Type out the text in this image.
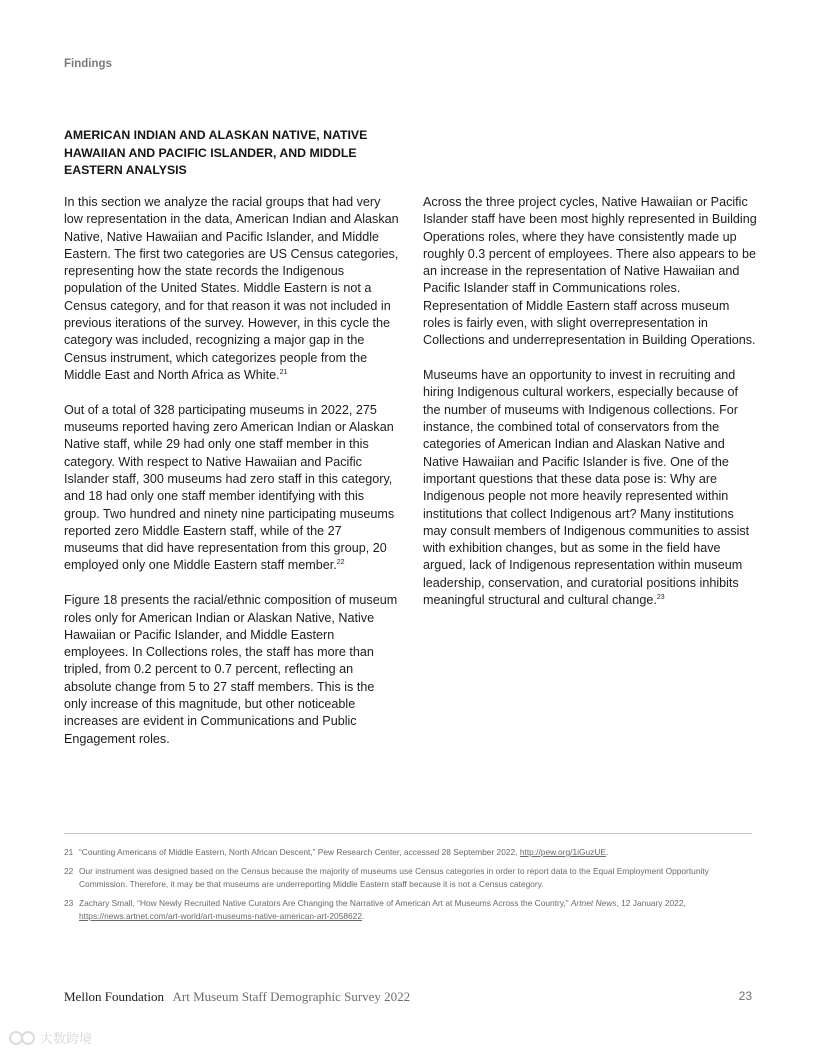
Findings
AMERICAN INDIAN AND ALASKAN NATIVE, NATIVE HAWAIIAN AND PACIFIC ISLANDER, AND MIDDLE EASTERN ANALYSIS

In this section we analyze the racial groups that had very low representation in the data, American Indian and Alaskan Native, Native Hawaiian and Pacific Islander, and Middle Eastern. The first two categories are US Census categories, representing how the state records the Indigenous population of the United States. Middle Eastern is not a Census category, and for that reason it was not included in previous iterations of the survey. However, in this cycle the category was included, recognizing a major gap in the Census instrument, which categorizes people from the Middle East and North Africa as White.$^{21}$

Out of a total of 328 participating museums in 2022, 275 museums reported having zero American Indian or Alaskan Native staff, while 29 had only one staff member in this category. With respect to Native Hawaiian and Pacific Islander staff, 300 museums had zero staff in this category, and 18 had only one staff member identifying with this group. Two hundred and ninety nine participating museums reported zero Middle Eastern staff, while of the 27 museums that did have representation from this group, 20 employed only one Middle Eastern staff member.$^{22}$

Figure 18 presents the racial/ethnic composition of museum roles only for American Indian or Alaskan Native, Native Hawaiian or Pacific Islander, and Middle Eastern employees. In Collections roles, the staff has more than tripled, from 0.2 percent to 0.7 percent, reflecting an absolute change from 5 to 27 staff members. This is the only increase of this magnitude, but other noticeable increases are evident in Communications and Public Engagement roles.

Across the three project cycles, Native Hawaiian or Pacific Islander staff have been most highly represented in Building Operations roles, where they have consistently made up roughly 0.3 percent of employees. There also appears to be an increase in the representation of Native Hawaiian and Pacific Islander staff in Communications roles. Representation of Middle Eastern staff across museum roles is fairly even, with slight overrepresentation in Collections and underrepresentation in Building Operations.

Museums have an opportunity to invest in recruiting and hiring Indigenous cultural workers, especially because of the number of museums with Indigenous collections. For instance, the combined total of conservators from the categories of American Indian and Alaskan Native and Native Hawaiian and Pacific Islander is five. One of the important questions that these data pose is: Why are Indigenous people not more heavily represented within institutions that collect Indigenous art? Many institutions may consult members of Indigenous communities to assist with exhibition changes, but as some in the field have argued, lack of Indigenous representation within museum leadership, conservation, and curatorial positions inhibits meaningful structural and cultural change.$^{23}$

21 “Counting Americans of Middle Eastern, North African Descent,” Pew Research Center, accessed 28 September 2022, http://pew.org/1iGuzUE.
22 Our instrument was designed based on the Census because the majority of museums use Census categories in order to report data to the Equal Employment Opportunity Commission. Therefore, it may be that museums are underreporting Middle Eastern staff because it is not a Census category.
23 Zachary Small, “How Newly Recruited Native Curators Are Changing the Narrative of American Art at Museums Across the Country,” Artnet News, 12 January 2022, https://news.artnet.com/art-world/art-museums-native-american-art-2058622.
Mellon Foundation Art Museum Staff Demographic Survey 2022	23
大数跨境
